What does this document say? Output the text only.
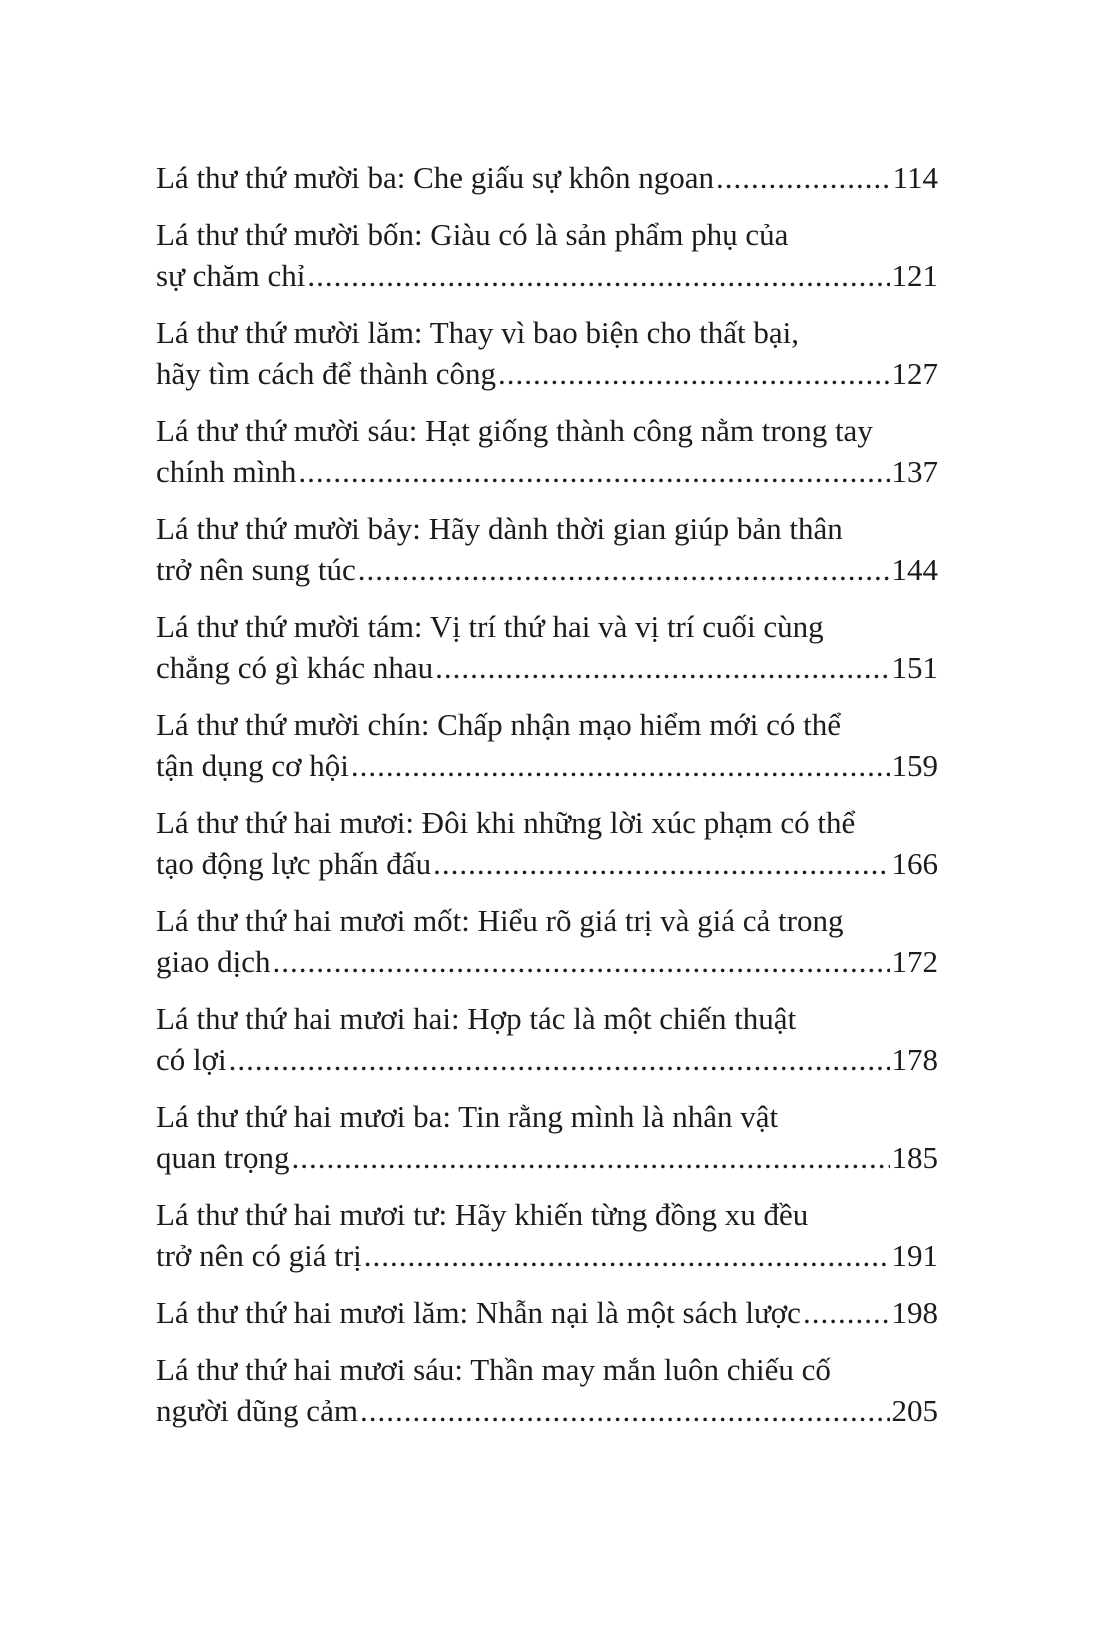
Lá thư thứ mười ba: Che giấu sự khôn ngoan .....	114
Lá thư thứ mười bốn: Giàu có là sản phẩm phụ của
sự chăm chỉ .....	121
Lá thư thứ mười lăm: Thay vì bao biện cho thất bại,
hãy tìm cách để thành công .....	127
Lá thư thứ mười sáu: Hạt giống thành công nằm trong tay
chính mình .....	137
Lá thư thứ mười bảy: Hãy dành thời gian giúp bản thân
trở nên sung túc .....	144
Lá thư thứ mười tám: Vị trí thứ hai và vị trí cuối cùng
chẳng có gì khác nhau .....	151
Lá thư thứ mười chín: Chấp nhận mạo hiểm mới có thể
tận dụng cơ hội .....	159
Lá thư thứ hai mươi: Đôi khi những lời xúc phạm có thể
tạo động lực phấn đấu .....	166
Lá thư thứ hai mươi mốt: Hiểu rõ giá trị và giá cả trong
giao dịch .....	172
Lá thư thứ hai mươi hai: Hợp tác là một chiến thuật
có lợi .....	178
Lá thư thứ hai mươi ba: Tin rằng mình là nhân vật
quan trọng .....	185
Lá thư thứ hai mươi tư: Hãy khiến từng đồng xu đều
trở nên có giá trị .....	191
Lá thư thứ hai mươi lăm: Nhẫn nại là một sách lược .....	198
Lá thư thứ hai mươi sáu: Thần may mắn luôn chiếu cố
người dũng cảm .....	205
